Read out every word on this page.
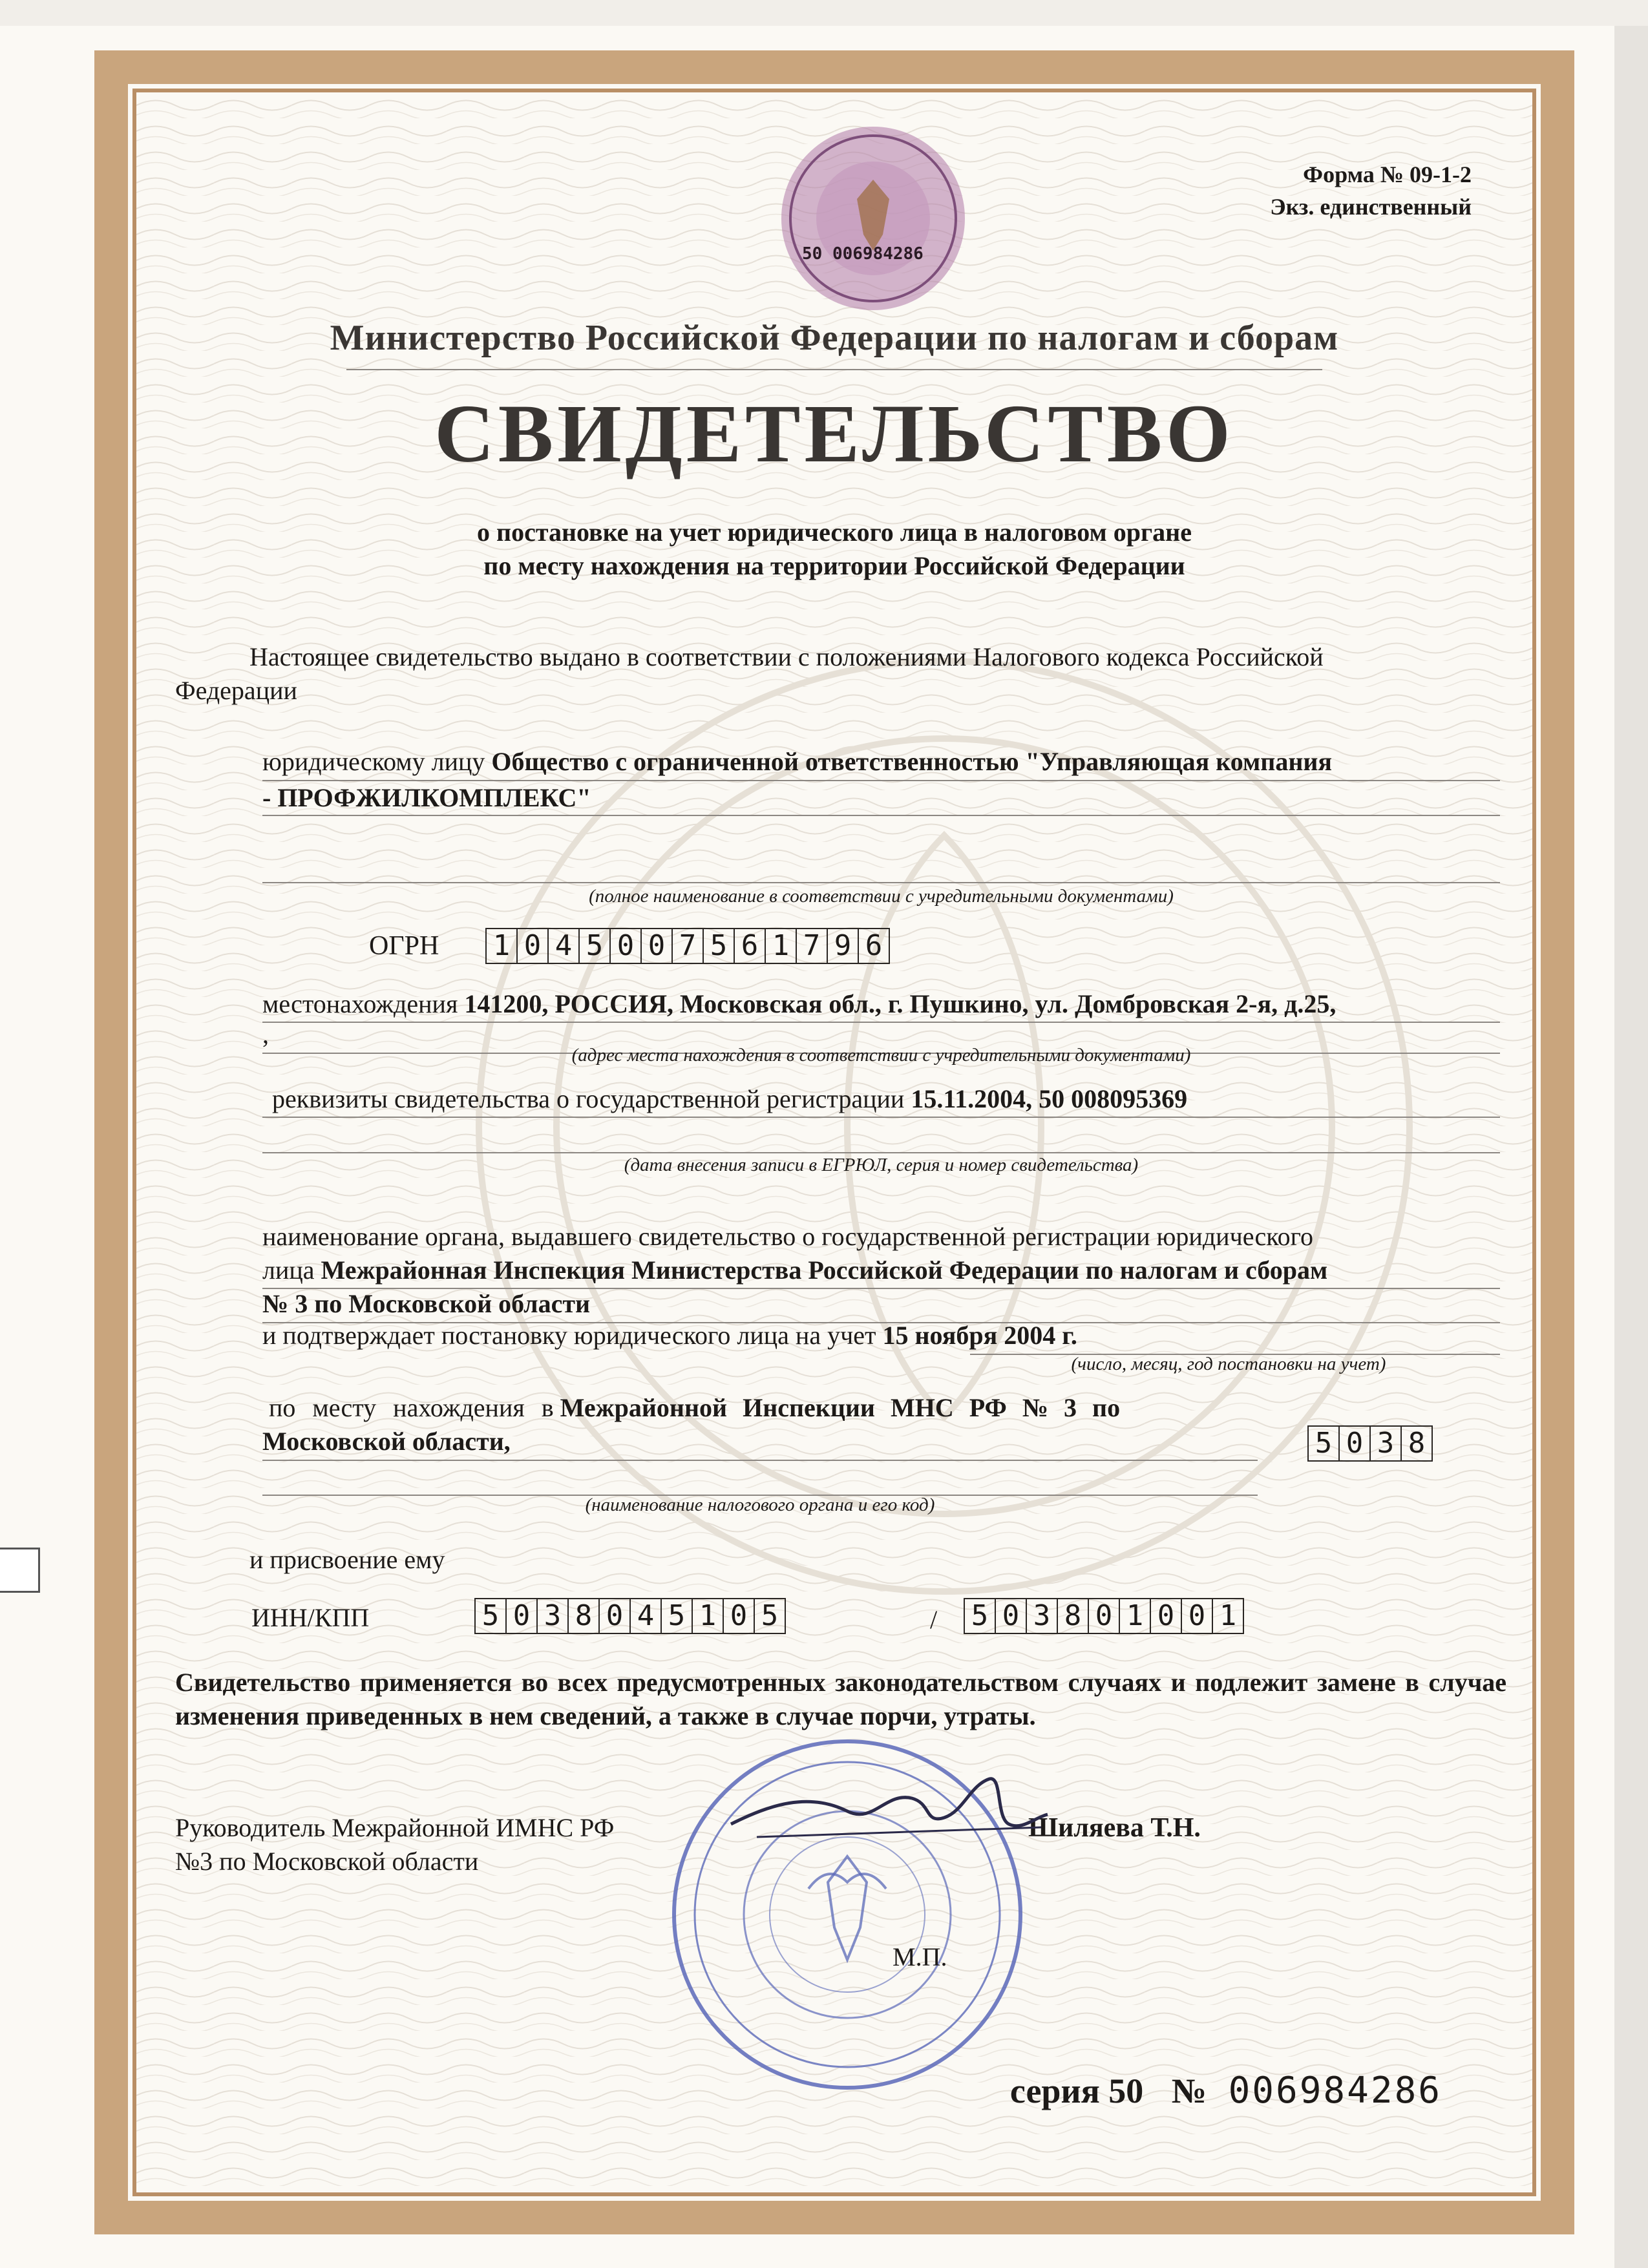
50 006984286
Форма № 09-1-2
Экз. единственный
Министерство Российской Федерации по налогам и сборам
СВИДЕТЕЛЬСТВО
о постановке на учет юридического лица в налоговом органе
по месту нахождения на территории Российской Федерации
Настоящее свидетельство выдано в соответствии с положениями Налогового кодекса Российской
Федерации
юридическому лицу Общество с ограниченной ответственностью "Управляющая компания
- ПРОФЖИЛКОМПЛЕКС"
(полное наименование в соответствии с учредительными документами)
ОГРН 1 0 4 5 0 0 7 5 6 1 7 9 6
местонахождения 141200, РОССИЯ, Московская обл., г. Пушкино, ул. Домбровская 2-я, д.25,
,
(адрес места нахождения в соответствии с учредительными документами)
реквизиты свидетельства о государственной регистрации 15.11.2004, 50 008095369
(дата внесения записи в ЕГРЮЛ, серия и номер свидетельства)
наименование органа, выдавшего свидетельство о государственной регистрации юридического
лица Межрайонная Инспекция Министерства Российской Федерации по налогам и сборам
№ 3 по Московской области
и подтверждает постановку юридического лица на учет 15 ноября 2004 г.
(число, месяц, год постановки на учет)
по месту нахождения в Межрайонной Инспекции МНС РФ № 3 по
Московской области,	5 0 3 8
(наименование налогового органа и его код)
и присвоение ему
ИНН/КПП	5 0 3 8 0 4 5 1 0 5	/ 5 0 3 8 0 1 0 0 1
Свидетельство применяется во всех предусмотренных законодательством случаях и подлежит замене в случае изменения приведенных в нем сведений, а также в случае порчи, утраты.
Руководитель Межрайонной ИМНС РФ
№3 по Московской области
Шиляева Т.Н.
М.П.
серия 50 № 006984286
